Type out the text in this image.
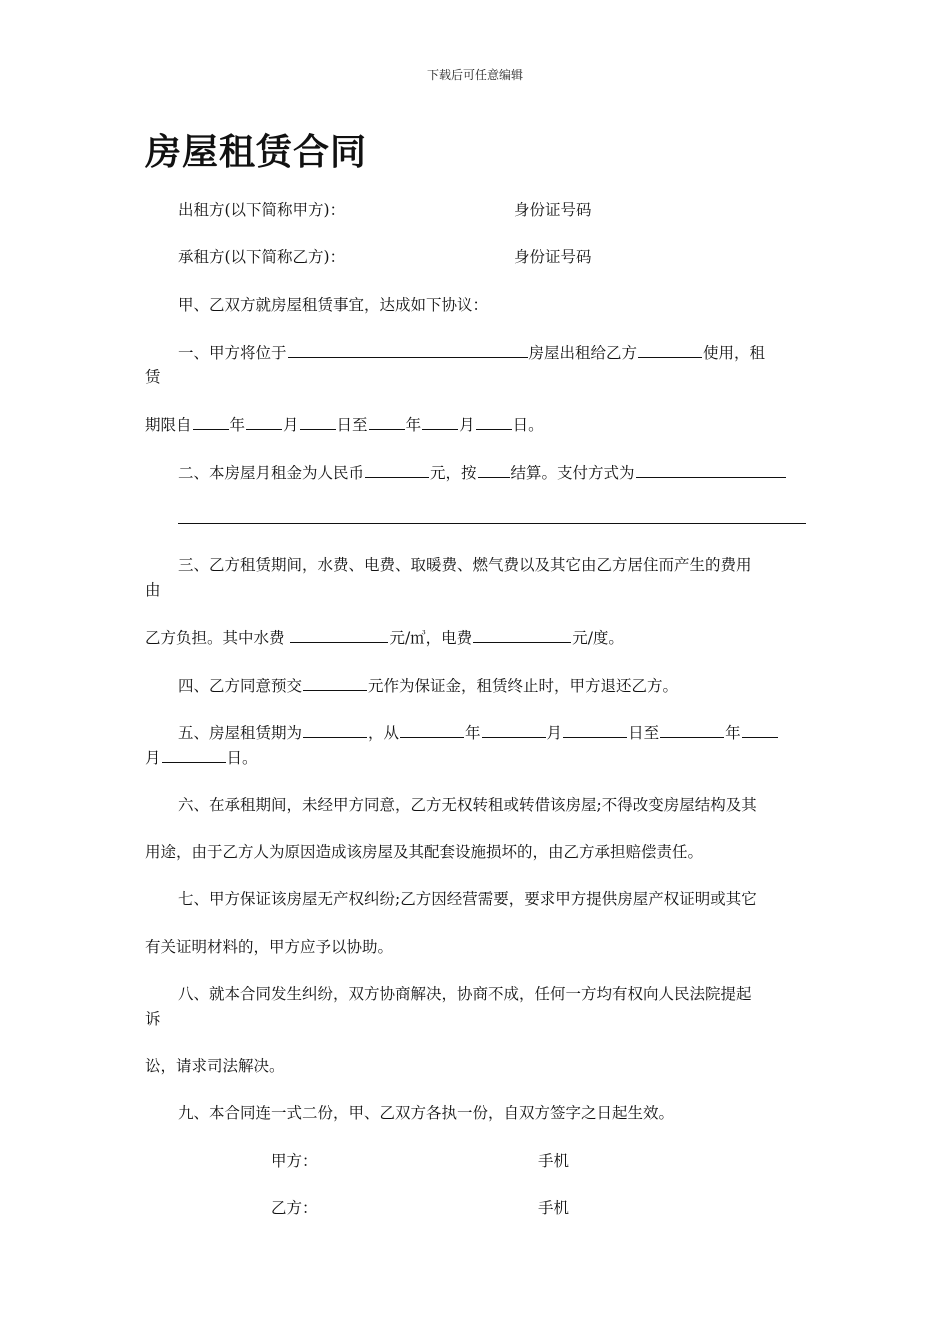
下载后可任意编辑
房屋租赁合同
出租方(以下简称甲方)：	身份证号码
承租方(以下简称乙方)：	身份证号码
甲、乙双方就房屋租赁事宜，达成如下协议：
一、甲方将位于	房屋出租给乙方	使用，租
赁
期限自 年 月 日至 年 月 日。
二、本房屋月租金为人民币	元，按 结算。支付方式为
三、乙方租赁期间，水费、电费、取暖费、燃气费以及其它由乙方居住而产生的费用
由
乙方负担。其中水费	元/㎥，电费	元/度。
四、乙方同意预交	元作为保证金，租赁终止时，甲方退还乙方。
五、房屋租赁期为	，从	年	月	日至	年
月	日。
六、在承租期间，未经甲方同意，乙方无权转租或转借该房屋;不得改变房屋结构及其
用途，由于乙方人为原因造成该房屋及其配套设施损坏的，由乙方承担赔偿责任。
七、甲方保证该房屋无产权纠纷;乙方因经营需要，要求甲方提供房屋产权证明或其它
有关证明材料的，甲方应予以协助。
八、就本合同发生纠纷，双方协商解决，协商不成，任何一方均有权向人民法院提起
诉
讼，请求司法解决。
九、本合同连一式二份，甲、乙双方各执一份，自双方签字之日起生效。
甲方：	手机
乙方：	手机
